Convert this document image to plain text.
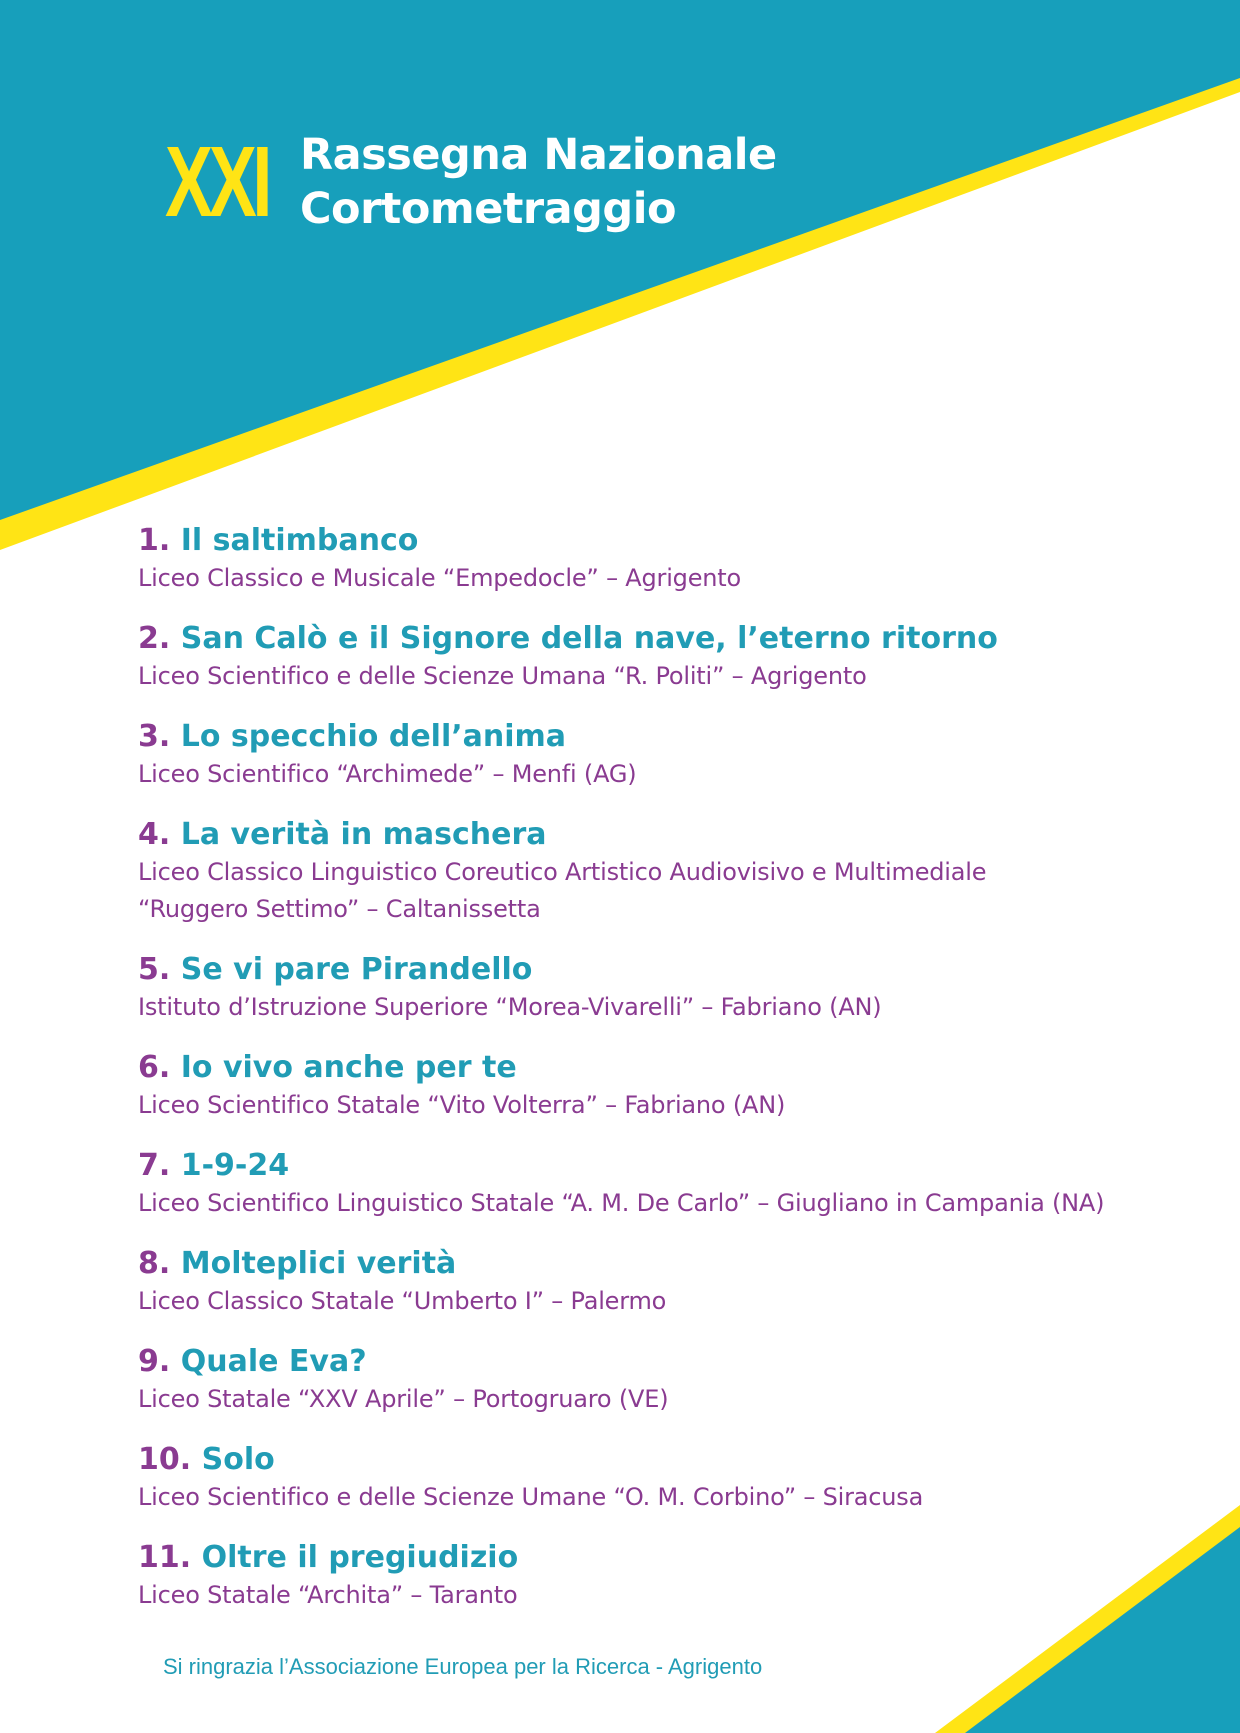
XXI Rassegna Nazionale
Cortometraggio
1. Il saltimbanco
Liceo Classico e Musicale “Empedocle” – Agrigento
2. San Calò e il Signore della nave, l’eterno ritorno
Liceo Scientifico e delle Scienze Umana “R. Politi” – Agrigento
3. Lo specchio dell’anima
Liceo Scientifico “Archimede” – Menfi (AG)
4. La verità in maschera
Liceo Classico Linguistico Coreutico Artistico Audiovisivo e Multimediale
“Ruggero Settimo” – Caltanissetta
5. Se vi pare Pirandello
Istituto d’Istruzione Superiore “Morea-Vivarelli” – Fabriano (AN)
6. Io vivo anche per te
Liceo Scientifico Statale “Vito Volterra” – Fabriano (AN)
7. 1-9-24
Liceo Scientifico Linguistico Statale “A. M. De Carlo” – Giugliano in Campania (NA)
8. Molteplici verità
Liceo Classico Statale “Umberto I” – Palermo
9. Quale Eva?
Liceo Statale “XXV Aprile” – Portogruaro (VE)
10. Solo
Liceo Scientifico e delle Scienze Umane “O. M. Corbino” – Siracusa
11. Oltre il pregiudizio
Liceo Statale “Archita” – Taranto
Si ringrazia l’Associazione Europea per la Ricerca - Agrigento
